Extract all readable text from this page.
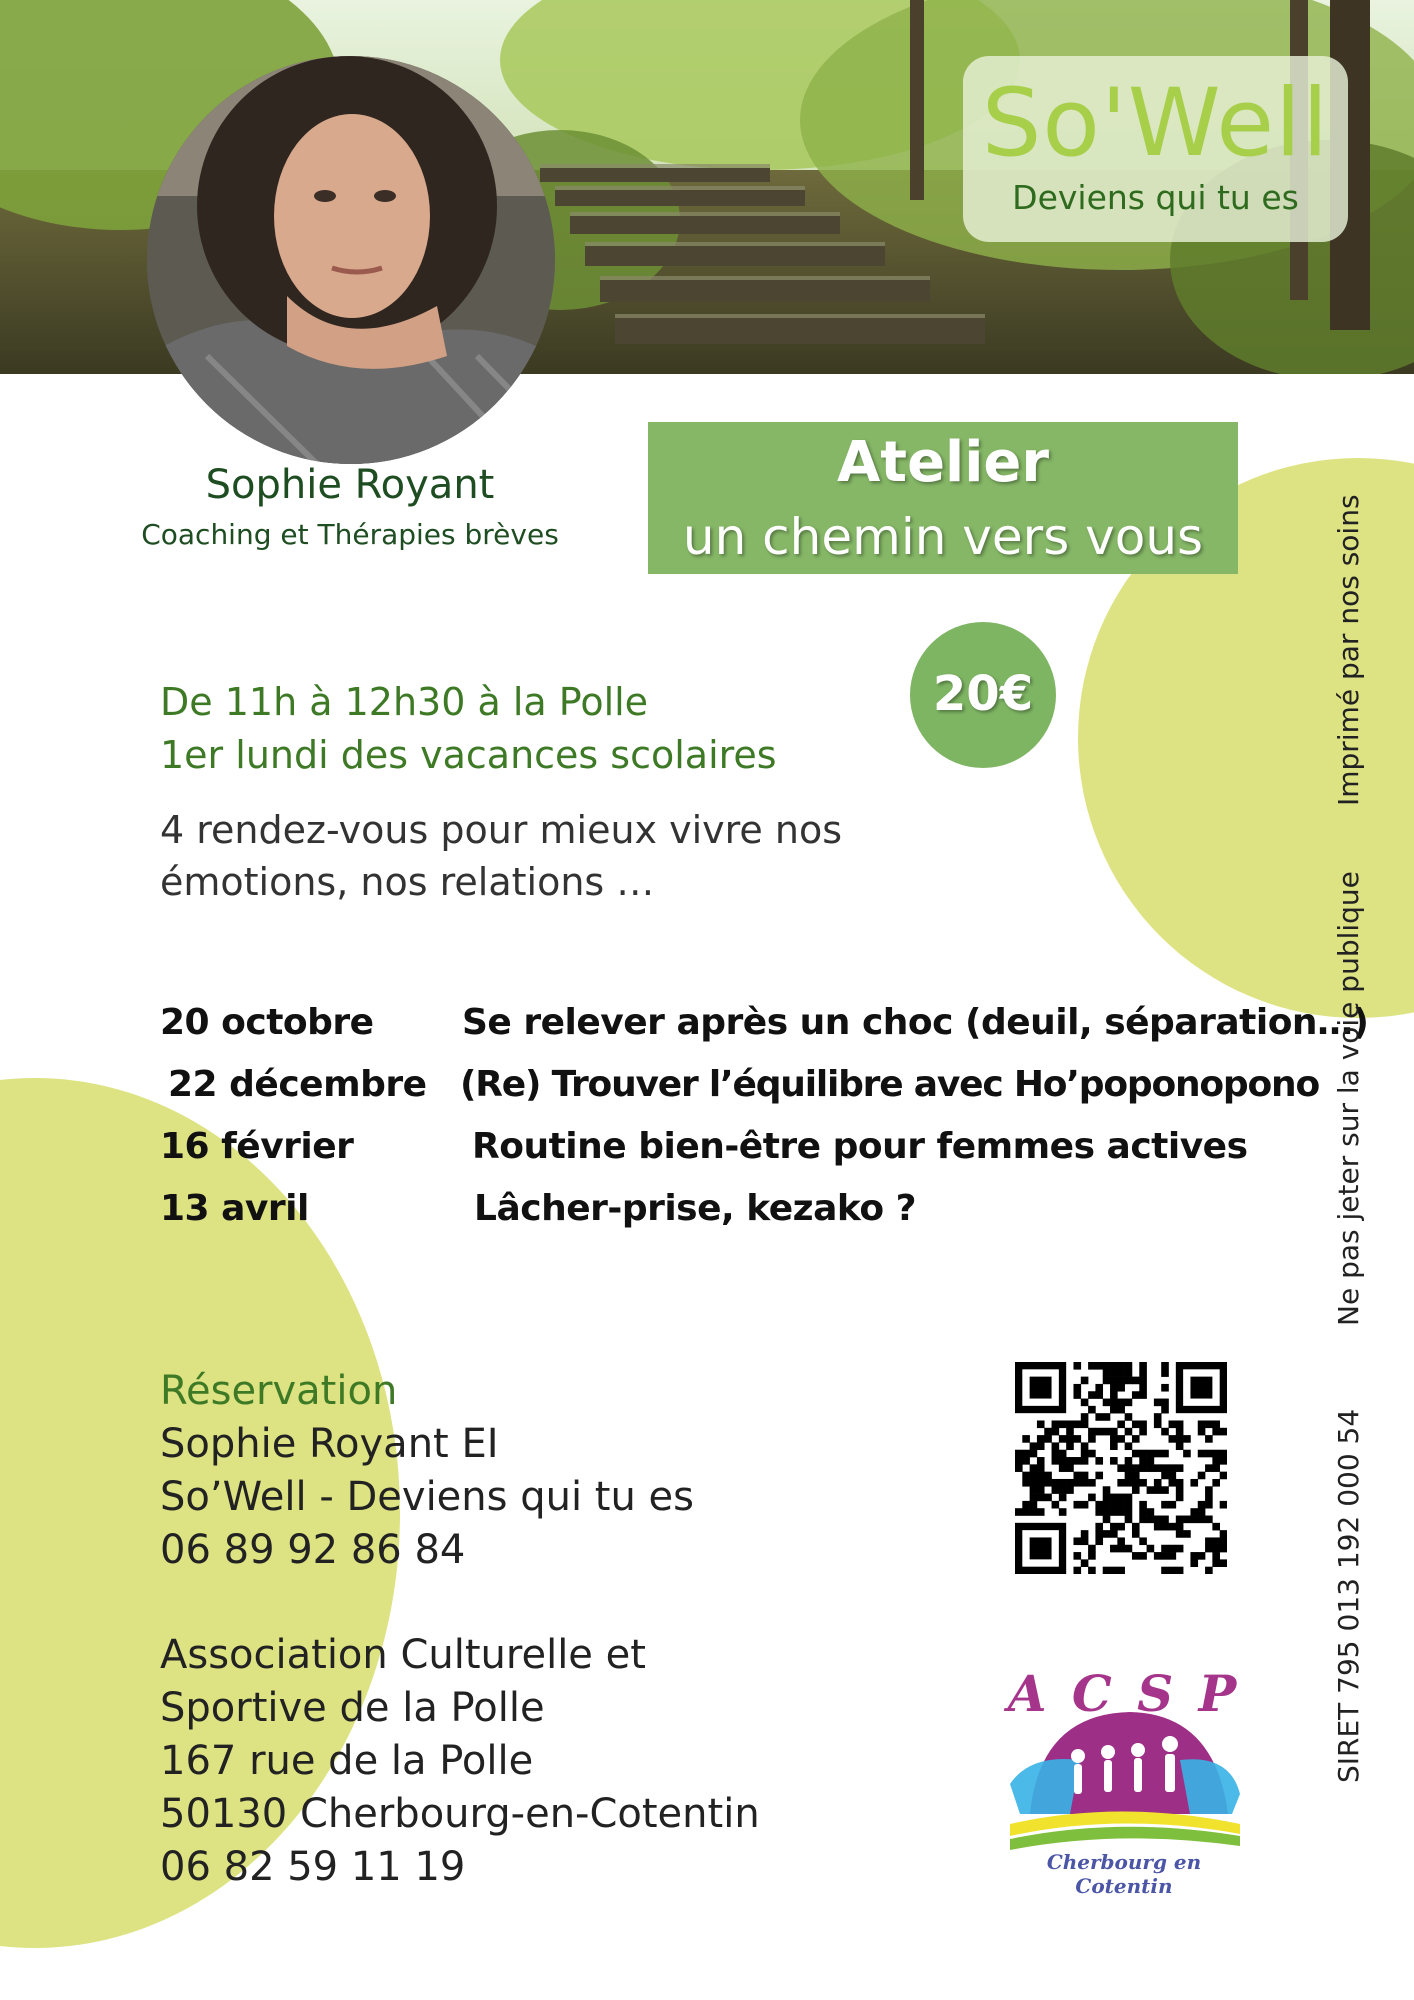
So'Well
Deviens qui tu es
Sophie Royant
Coaching et Thérapies brèves
Atelier
un chemin vers vous
20€
De 11h à 12h30 à la Polle
1er lundi des vacances scolaires
4 rendez-vous pour mieux vivre nos
émotions, nos relations …
20 octobre Se relever après un choc (deuil, séparation…)
22 décembre (Re) Trouver l’équilibre avec Ho’poponopono
16 février	Routine bien-être pour femmes actives
13 avril	Lâcher-prise, kezako ?
Réservation
Sophie Royant EI
So’Well - Deviens qui tu es
06 89 92 86 84
Association Culturelle et
Sportive de la Polle
167 rue de la Polle
50130 Cherbourg-en-Cotentin
06 82 59 11 19
Imprimé par nos soins
Ne pas jeter sur la voie publique
SIRET 795 013 192 000 54
A C S P
Cherbourg en Cotentin
